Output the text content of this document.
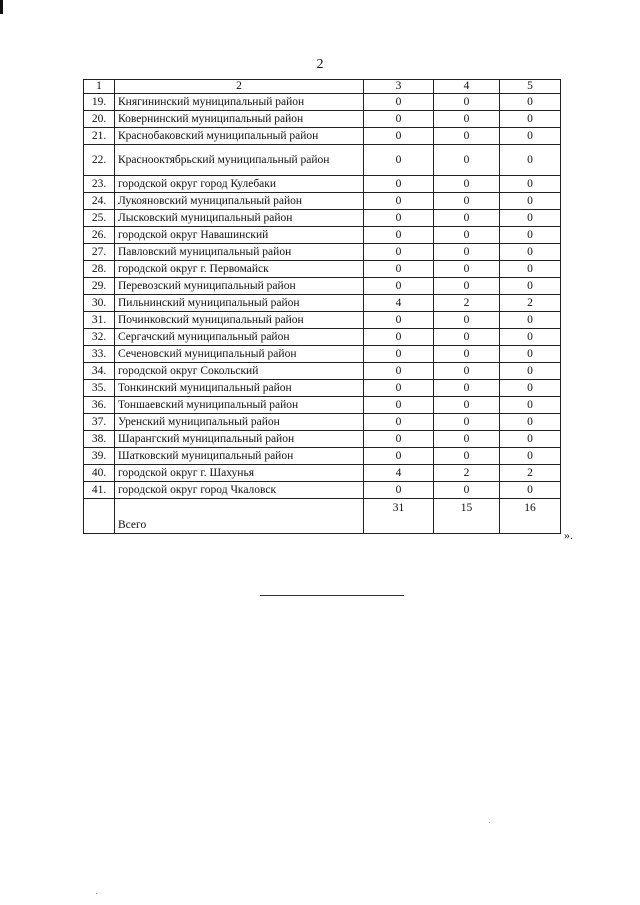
2
1	2	3	4	5
19.	Княгининский муниципальный район	0	0	0
20.	Ковернинский муниципальный район	0	0	0
21.	Краснобаковский муниципальный район	0	0	0
22.	Краснооктябрьский муниципальный район	0	0	0
23.	городской округ город Кулебаки	0	0	0
24.	Лукояновский муниципальный район	0	0	0
25.	Лысковский муниципальный район	0	0	0
26.	городской округ Навашинский	0	0	0
27.	Павловский муниципальный район	0	0	0
28.	городской округ г. Первомайск	0	0	0
29.	Перевозский муниципальный район	0	0	0
30.	Пильнинский муниципальный район	4	2	2
31.	Починковский муниципальный район	0	0	0
32.	Сергачский муниципальный район	0	0	0
33.	Сеченовский муниципальный район	0	0	0
34.	городской округ Сокольский	0	0	0
35.	Тонкинский муниципальный район	0	0	0
36.	Тоншаевский муниципальный район	0	0	0
37.	Уренский муниципальный район	0	0	0
38.	Шарангский муниципальный район	0	0	0
39.	Шатковский муниципальный район	0	0	0
40.	городской округ г. Шахунья	4	2	2
41.	городской округ город Чкаловск	0	0	0
	Всего	31	15	16
».
